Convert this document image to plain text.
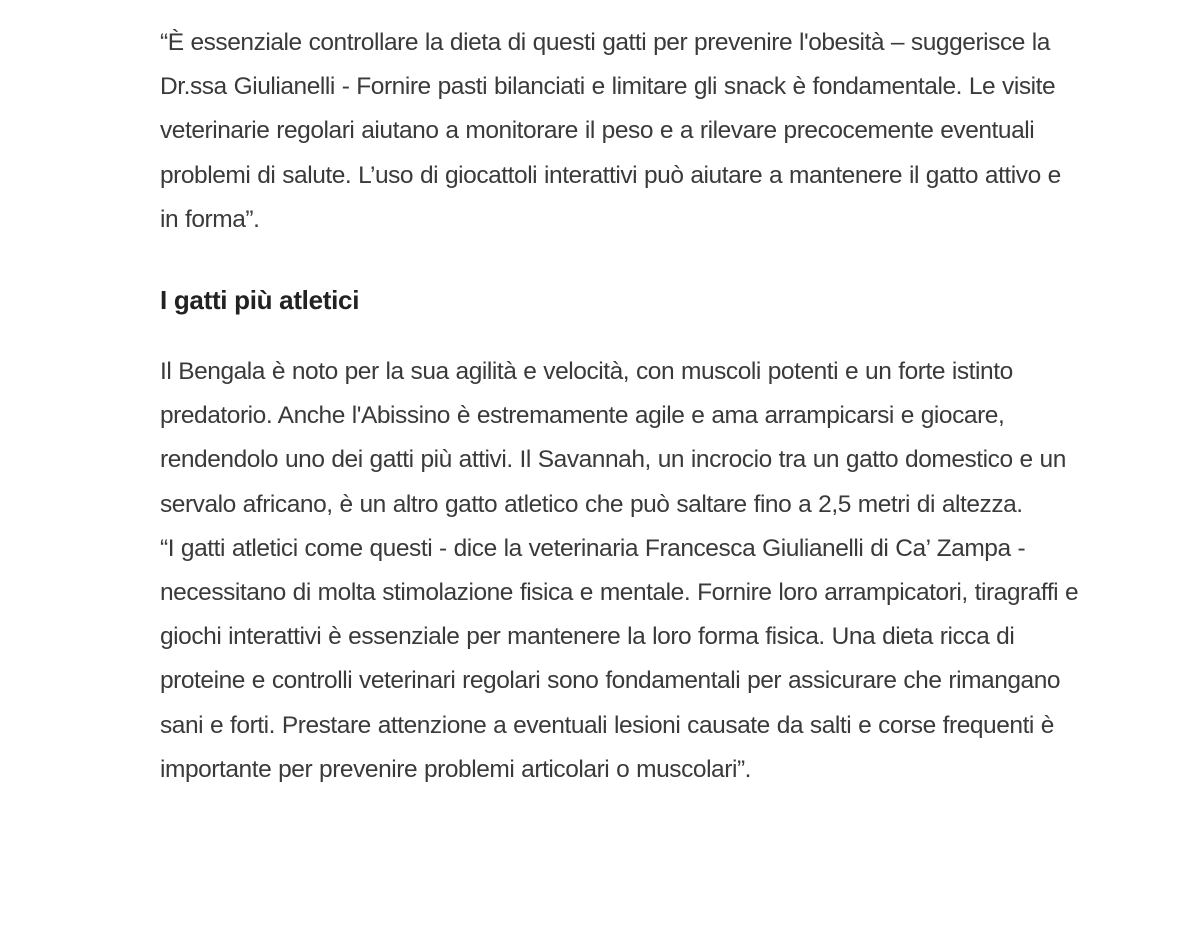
“È essenziale controllare la dieta di questi gatti per prevenire l'obesità – suggerisce la Dr.ssa Giulianelli - Fornire pasti bilanciati e limitare gli snack è fondamentale. Le visite veterinarie regolari aiutano a monitorare il peso e a rilevare precocemente eventuali problemi di salute. L’uso di giocattoli interattivi può aiutare a mantenere il gatto attivo e in forma”.

I gatti più atletici

Il Bengala è noto per la sua agilità e velocità, con muscoli potenti e un forte istinto predatorio. Anche l'Abissino è estremamente agile e ama arrampicarsi e giocare, rendendolo uno dei gatti più attivi. Il Savannah, un incrocio tra un gatto domestico e un servalo africano, è un altro gatto atletico che può saltare fino a 2,5 metri di altezza.

“I gatti atletici come questi - dice la veterinaria Francesca Giulianelli di Ca’ Zampa - necessitano di molta stimolazione fisica e mentale. Fornire loro arrampicatori, tiragraffi e giochi interattivi è essenziale per mantenere la loro forma fisica. Una dieta ricca di proteine e controlli veterinari regolari sono fondamentali per assicurare che rimangano sani e forti. Prestare attenzione a eventuali lesioni causate da salti e corse frequenti è importante per prevenire problemi articolari o muscolari”.
